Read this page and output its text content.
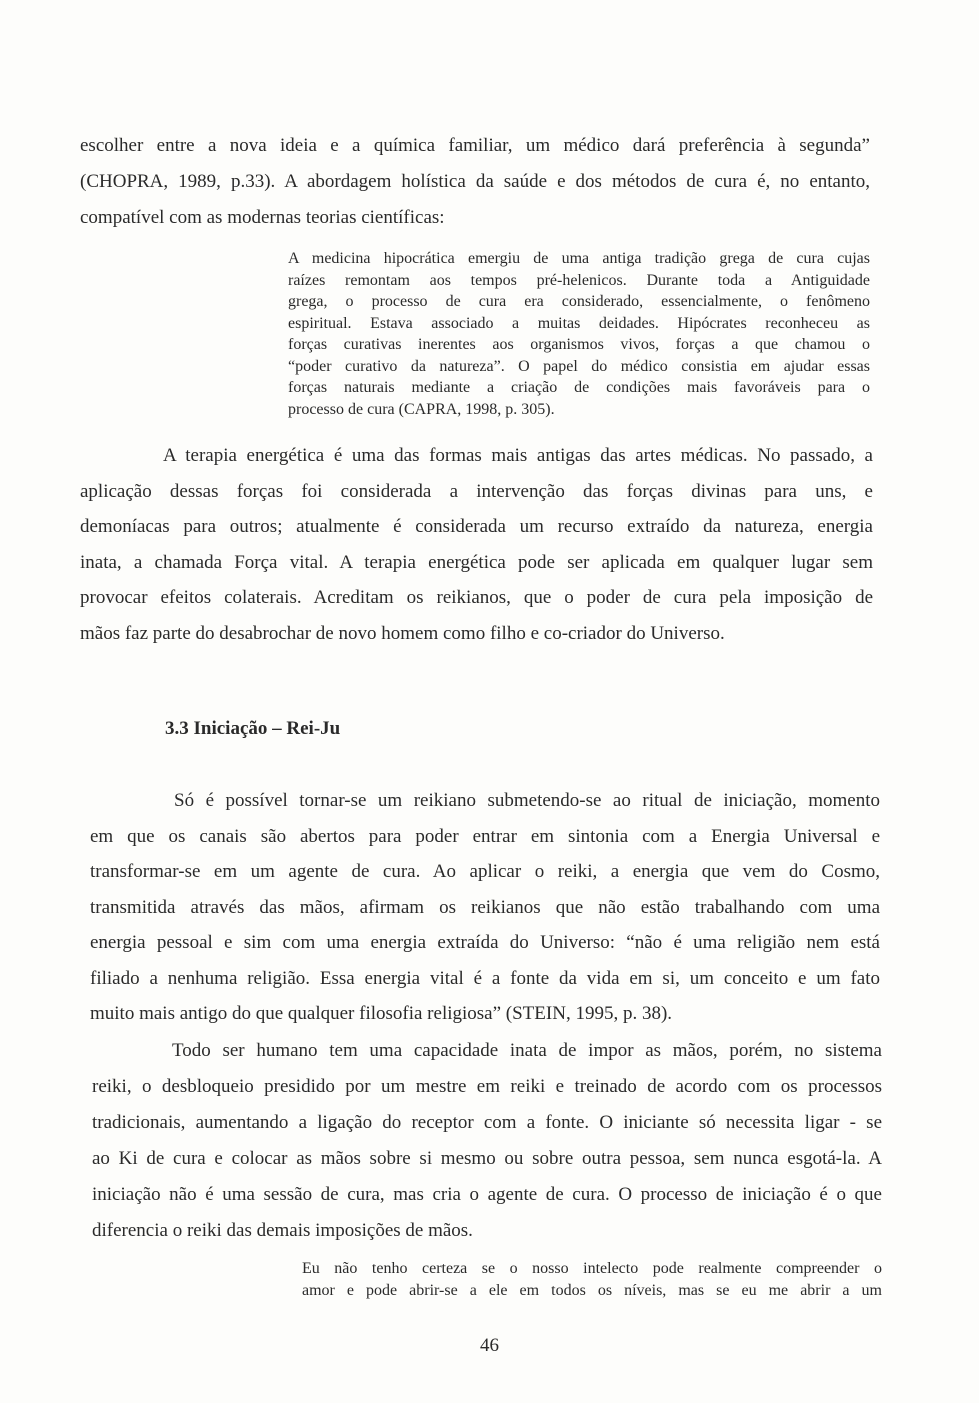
escolher entre a nova ideia e a química familiar, um médico dará preferência à segunda”
(CHOPRA, 1989, p.33). A abordagem holística da saúde e dos métodos de cura é, no entanto,
compatível com as modernas teorias científicas:
A medicina hipocrática emergiu de uma antiga tradição grega de cura cujas
raízes remontam aos tempos pré-helenicos. Durante toda a Antiguidade
grega, o processo de cura era considerado, essencialmente, o fenômeno
espiritual. Estava associado a muitas deidades. Hipócrates reconheceu as
forças curativas inerentes aos organismos vivos, forças a que chamou o
“poder curativo da natureza”. O papel do médico consistia em ajudar essas
forças naturais mediante a criação de condições mais favoráveis para o
processo de cura (CAPRA, 1998, p. 305).
A terapia energética é uma das formas mais antigas das artes médicas. No passado, a
aplicação dessas forças foi considerada a intervenção das forças divinas para uns, e
demoníacas para outros; atualmente é considerada um recurso extraído da natureza, energia
inata, a chamada Força vital. A terapia energética pode ser aplicada em qualquer lugar sem
provocar efeitos colaterais. Acreditam os reikianos, que o poder de cura pela imposição de
mãos faz parte do desabrochar de novo homem como filho e co-criador do Universo.
3.3 Iniciação – Rei-Ju
Só é possível tornar-se um reikiano submetendo-se ao ritual de iniciação, momento
em que os canais são abertos para poder entrar em sintonia com a Energia Universal e
transformar-se em um agente de cura. Ao aplicar o reiki, a energia que vem do Cosmo,
transmitida através das mãos, afirmam os reikianos que não estão trabalhando com uma
energia pessoal e sim com uma energia extraída do Universo: “não é uma religião nem está
filiado a nenhuma religião. Essa energia vital é a fonte da vida em si, um conceito e um fato
muito mais antigo do que qualquer filosofia religiosa” (STEIN, 1995, p. 38).
Todo ser humano tem uma capacidade inata de impor as mãos, porém, no sistema
reiki, o desbloqueio presidido por um mestre em reiki e treinado de acordo com os processos
tradicionais, aumentando a ligação do receptor com a fonte. O iniciante só necessita ligar - se
ao Ki de cura e colocar as mãos sobre si mesmo ou sobre outra pessoa, sem nunca esgotá-la. A
iniciação não é uma sessão de cura, mas cria o agente de cura. O processo de iniciação é o que
diferencia o reiki das demais imposições de mãos.
Eu não tenho certeza se o nosso intelecto pode realmente compreender o
amor e pode abrir-se a ele em todos os níveis, mas se eu me abrir a um
46
